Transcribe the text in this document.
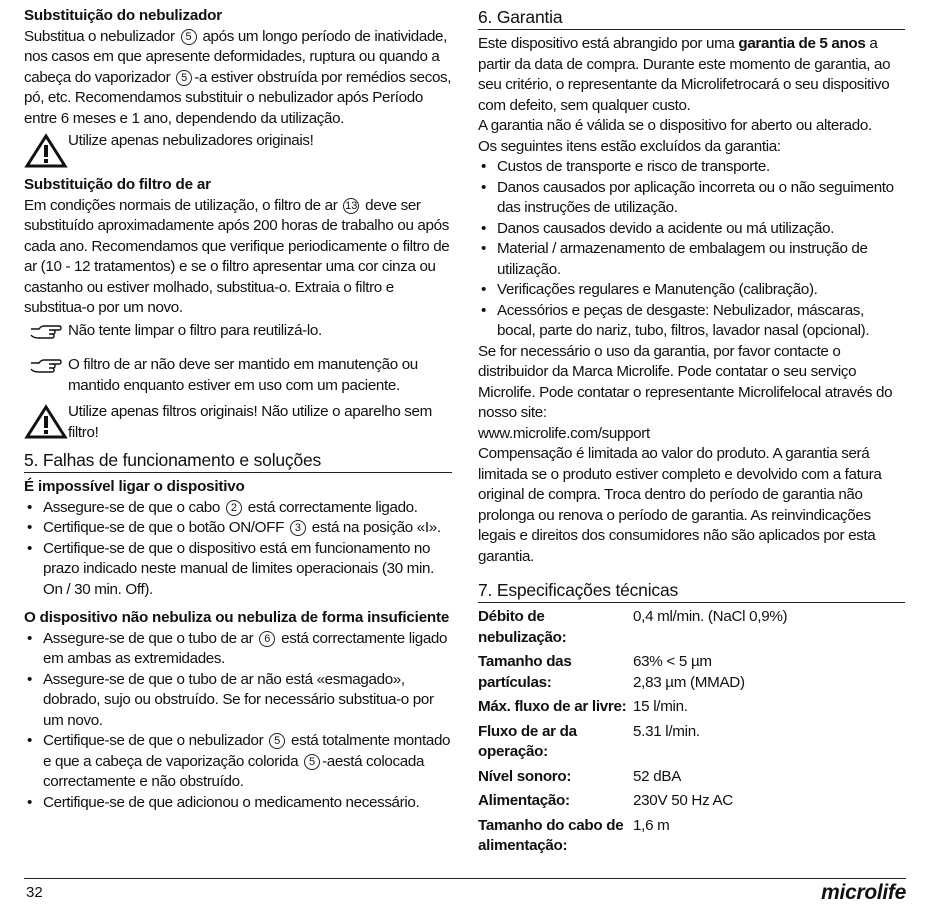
Substituição do nebulizador

Substitua o nebulizador 5 após um longo período de inatividade, nos casos em que apresente deformidades, ruptura ou quando a cabeça do vaporizador 5 -a estiver obstruída por remédios secos, pó, etc. Recomendamos substituir o nebulizador após Período entre 6 meses e 1 ano, dependendo da utilização.

Utilize apenas nebulizadores originais!

Substituição do filtro de ar

Em condições normais de utilização, o filtro de ar 13 deve ser substituído aproximadamente após 200 horas de trabalho ou após cada ano. Recomendamos que verifique periodicamente o filtro de ar (10 - 12 tratamentos) e se o filtro apresentar uma cor cinza ou castanho ou estiver molhado, substitua-o. Extraia o filtro e substitua-o por um novo.

Não tente limpar o filtro para reutilizá-lo.

O filtro de ar não deve ser mantido em manutenção ou mantido enquanto estiver em uso com um paciente.

Utilize apenas filtros originais! Não utilize o aparelho sem filtro!

5. Falhas de funcionamento e soluções

É impossível ligar o dispositivo

• Assegure-se de que o cabo 2 está correctamente ligado.
• Certifique-se de que o botão ON/OFF 3 está na posição «I».
• Certifique-se de que o dispositivo está em funcionamento no prazo indicado neste manual de limites operacionais (30 min. On / 30 min. Off).

O dispositivo não nebuliza ou nebuliza de forma insuficiente

• Assegure-se de que o tubo de ar 6 está correctamente ligado em ambas as extremidades.
• Assegure-se de que o tubo de ar não está «esmagado», dobrado, sujo ou obstruído. Se for necessário substitua-o por um novo.
• Certifique-se de que o nebulizador 5 está totalmente montado e que a cabeça de vaporização colorida 5 -aestá colocada correctamente e não obstruído.
• Certifique-se de que adicionou o medicamento necessário.

6. Garantia

Este dispositivo está abrangido por uma garantia de 5 anos a partir da data de compra. Durante este momento de garantia, ao seu critério, o representante da Microlifetrocará o seu dispositivo com defeito, sem qualquer custo.

A garantia não é válida se o dispositivo for aberto ou alterado.

Os seguintes itens estão excluídos da garantia:

• Custos de transporte e risco de transporte.
• Danos causados por aplicação incorreta ou o não seguimento das instruções de utilização.
• Danos causados devido a acidente ou má utilização.
• Material / armazenamento de embalagem ou instrução de utilização.
• Verificações regulares e Manutenção (calibração).
• Acessórios e peças de desgaste: Nebulizador, máscaras, bocal, parte do nariz, tubo, filtros, lavador nasal (opcional).

Se for necessário o uso da garantia, por favor contacte o distribuidor da Marca Microlife. Pode contatar o seu serviço Microlife. Pode contatar o representante Microlifelocal através do nosso site:

www.microlife.com/support

Compensação é limitada ao valor do produto. A garantia será limitada se o produto estiver completo e devolvido com a fatura original de compra. Troca dentro do período de garantia não prolonga ou renova o período de garantia. As reinvindicações legais e direitos dos consumidores não são aplicados por esta garantia.

7. Especificações técnicas

Débito de nebulização:	0,4 ml/min. (NaCl 0,9%)
Tamanho das partículas:	63% < 5 µm
2,83 µm (MMAD)
Máx. fluxo de ar livre:	15 l/min.
Fluxo de ar da operação:	5.31 l/min.
Nível sonoro:	52 dBA
Alimentação:	230V 50 Hz AC
Tamanho do cabo de alimentação:	1,6 m
32	microlife
